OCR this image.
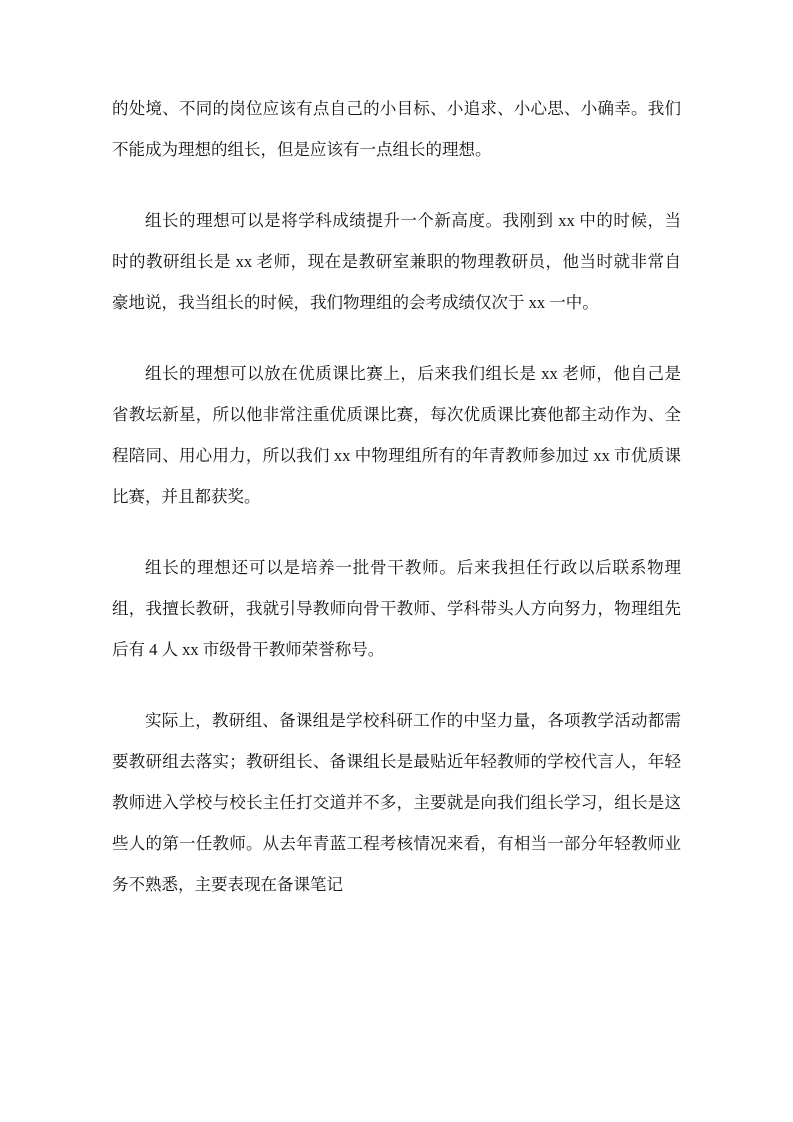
的处境、不同的岗位应该有点自己的小目标、小追求、小心思、小确幸。我们不能成为理想的组长，但是应该有一点组长的理想。

组长的理想可以是将学科成绩提升一个新高度。我刚到 xx 中的时候，当时的教研组长是 xx 老师，现在是教研室兼职的物理教研员，他当时就非常自豪地说，我当组长的时候，我们物理组的会考成绩仅次于 xx 一中。

组长的理想可以放在优质课比赛上，后来我们组长是 xx 老师，他自己是省教坛新星，所以他非常注重优质课比赛，每次优质课比赛他都主动作为、全程陪同、用心用力，所以我们 xx 中物理组所有的年青教师参加过 xx 市优质课比赛，并且都获奖。

组长的理想还可以是培养一批骨干教师。后来我担任行政以后联系物理组，我擅长教研，我就引导教师向骨干教师、学科带头人方向努力，物理组先后有 4 人 xx 市级骨干教师荣誉称号。

实际上，教研组、备课组是学校科研工作的中坚力量，各项教学活动都需要教研组去落实；教研组长、备课组长是最贴近年轻教师的学校代言人，年轻教师进入学校与校长主任打交道并不多，主要就是向我们组长学习，组长是这些人的第一任教师。从去年青蓝工程考核情况来看，有相当一部分年轻教师业务不熟悉，主要表现在备课笔记
